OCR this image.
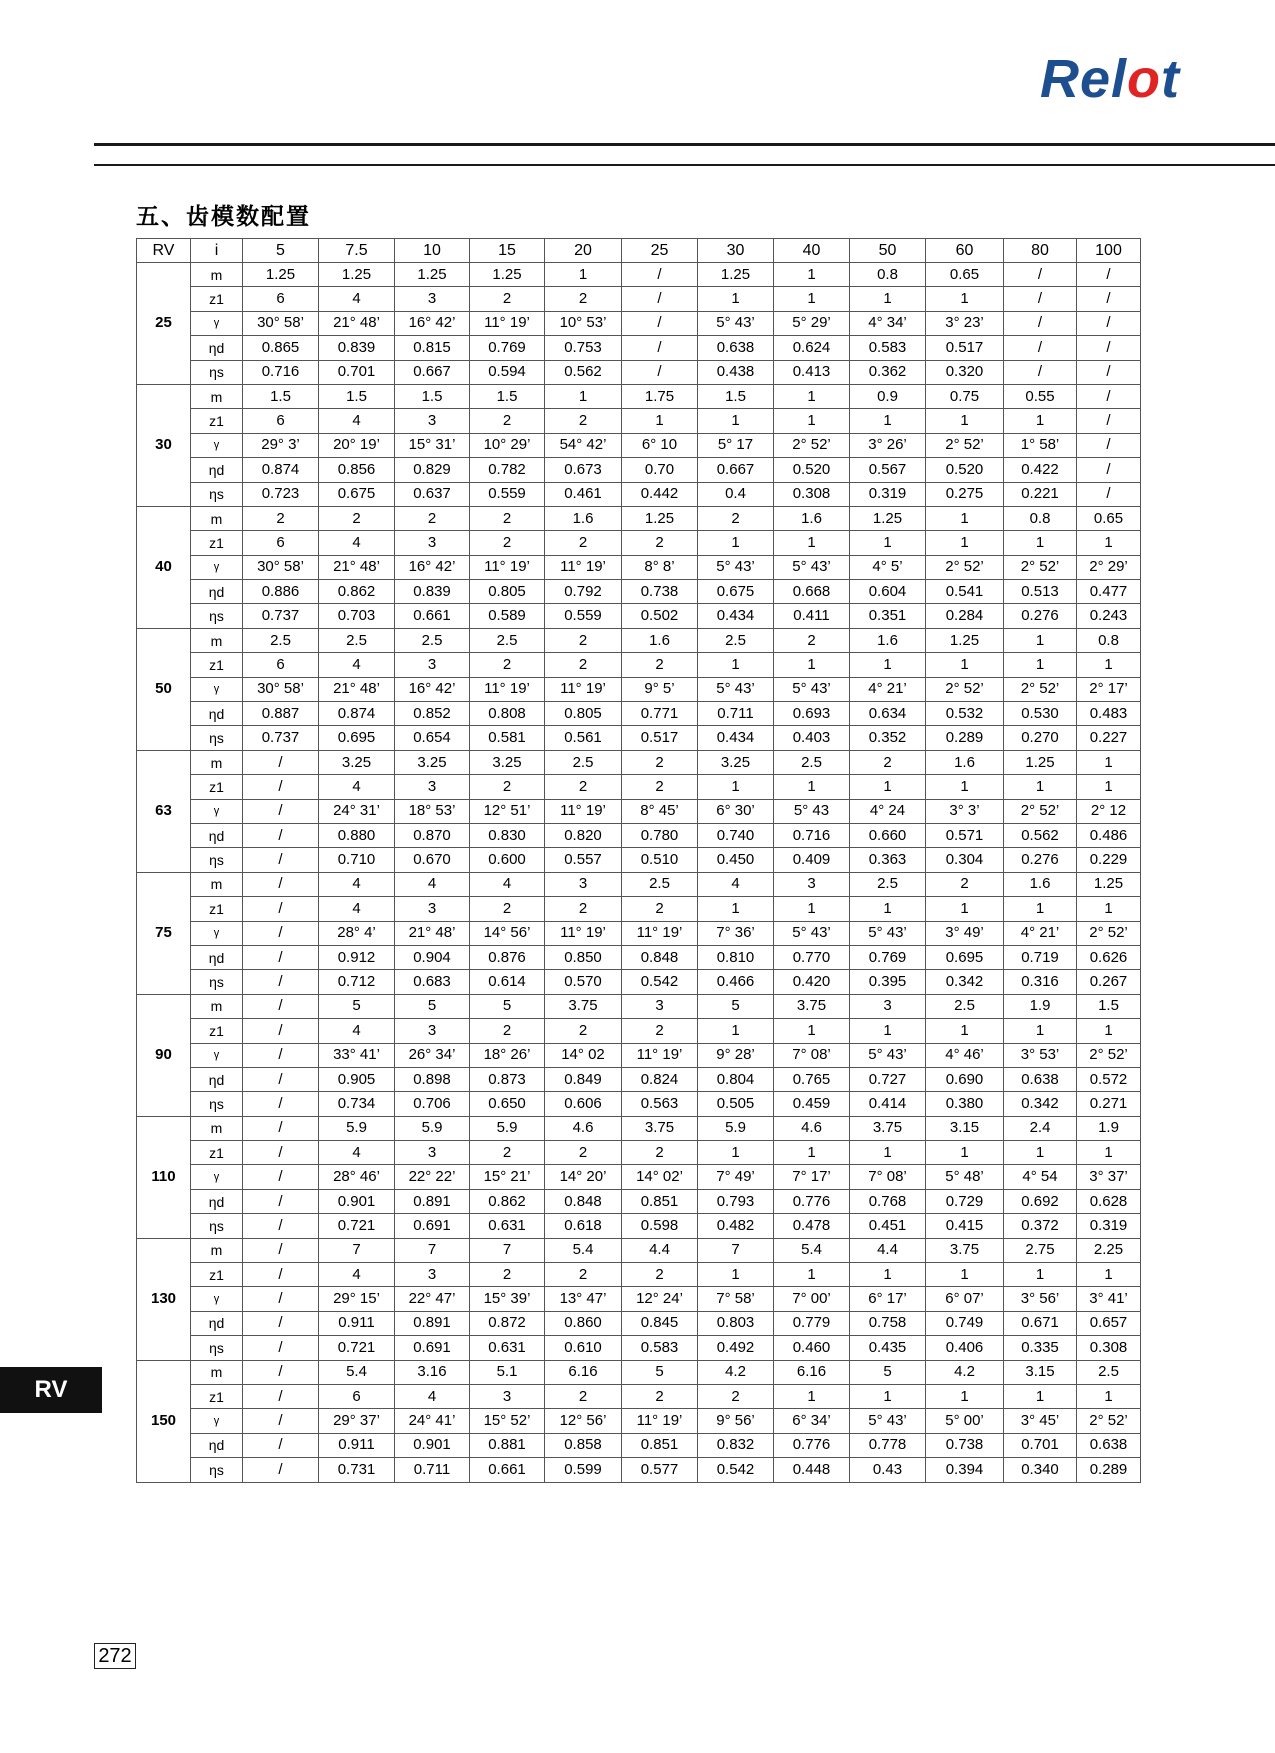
Relot
五、齿模数配置
RV	i	5	7.5	10	15	20	25	30	40	50	60	80	100
25	m	1.25	1.25	1.25	1.25	1	/	1.25	1	0.8	0.65	/	/
	z1	6	4	3	2	2	/	1	1	1	1	/	/
	γ	30° 58’	21° 48’	16° 42’	11° 19’	10° 53’	/	5° 43’	5° 29’	4° 34’	3° 23’	/	/
	ηd	0.865	0.839	0.815	0.769	0.753	/	0.638	0.624	0.583	0.517	/	/
	ηs	0.716	0.701	0.667	0.594	0.562	/	0.438	0.413	0.362	0.320	/	/
30	m	1.5	1.5	1.5	1.5	1	1.75	1.5	1	0.9	0.75	0.55	/
	z1	6	4	3	2	2	1	1	1	1	1	1	/
	γ	29° 3’	20° 19’	15° 31’	10° 29’	54° 42’	6° 10	5° 17	2° 52’	3° 26’	2° 52’	1° 58’	/
	ηd	0.874	0.856	0.829	0.782	0.673	0.70	0.667	0.520	0.567	0.520	0.422	/
	ηs	0.723	0.675	0.637	0.559	0.461	0.442	0.4	0.308	0.319	0.275	0.221	/
40	m	2	2	2	2	1.6	1.25	2	1.6	1.25	1	0.8	0.65
	z1	6	4	3	2	2	2	1	1	1	1	1	1
	γ	30° 58’	21° 48’	16° 42’	11° 19’	11° 19’	8° 8’	5° 43’	5° 43’	4° 5’	2° 52’	2° 52’	2° 29’
	ηd	0.886	0.862	0.839	0.805	0.792	0.738	0.675	0.668	0.604	0.541	0.513	0.477
	ηs	0.737	0.703	0.661	0.589	0.559	0.502	0.434	0.411	0.351	0.284	0.276	0.243
50	m	2.5	2.5	2.5	2.5	2	1.6	2.5	2	1.6	1.25	1	0.8
	z1	6	4	3	2	2	2	1	1	1	1	1	1
	γ	30° 58’	21° 48’	16° 42’	11° 19’	11° 19’	9° 5’	5° 43’	5° 43’	4° 21’	2° 52’	2° 52’	2° 17’
	ηd	0.887	0.874	0.852	0.808	0.805	0.771	0.711	0.693	0.634	0.532	0.530	0.483
	ηs	0.737	0.695	0.654	0.581	0.561	0.517	0.434	0.403	0.352	0.289	0.270	0.227
63	m	/	3.25	3.25	3.25	2.5	2	3.25	2.5	2	1.6	1.25	1
	z1	/	4	3	2	2	2	1	1	1	1	1	1
	γ	/	24° 31’	18° 53’	12° 51’	11° 19’	8° 45’	6° 30’	5° 43	4° 24	3° 3’	2° 52’	2° 12
	ηd	/	0.880	0.870	0.830	0.820	0.780	0.740	0.716	0.660	0.571	0.562	0.486
	ηs	/	0.710	0.670	0.600	0.557	0.510	0.450	0.409	0.363	0.304	0.276	0.229
75	m	/	4	4	4	3	2.5	4	3	2.5	2	1.6	1.25
	z1	/	4	3	2	2	2	1	1	1	1	1	1
	γ	/	28° 4’	21° 48’	14° 56’	11° 19’	11° 19’	7° 36’	5° 43’	5° 43’	3° 49’	4° 21’	2° 52’
	ηd	/	0.912	0.904	0.876	0.850	0.848	0.810	0.770	0.769	0.695	0.719	0.626
	ηs	/	0.712	0.683	0.614	0.570	0.542	0.466	0.420	0.395	0.342	0.316	0.267
90	m	/	5	5	5	3.75	3	5	3.75	3	2.5	1.9	1.5
	z1	/	4	3	2	2	2	1	1	1	1	1	1
	γ	/	33° 41’	26° 34’	18° 26’	14° 02	11° 19’	9° 28’	7° 08’	5° 43’	4° 46’	3° 53’	2° 52’
	ηd	/	0.905	0.898	0.873	0.849	0.824	0.804	0.765	0.727	0.690	0.638	0.572
	ηs	/	0.734	0.706	0.650	0.606	0.563	0.505	0.459	0.414	0.380	0.342	0.271
110	m	/	5.9	5.9	5.9	4.6	3.75	5.9	4.6	3.75	3.15	2.4	1.9
	z1	/	4	3	2	2	2	1	1	1	1	1	1
	γ	/	28° 46’	22° 22’	15° 21’	14° 20’	14° 02’	7° 49’	7° 17’	7° 08’	5° 48’	4° 54	3° 37’
	ηd	/	0.901	0.891	0.862	0.848	0.851	0.793	0.776	0.768	0.729	0.692	0.628
	ηs	/	0.721	0.691	0.631	0.618	0.598	0.482	0.478	0.451	0.415	0.372	0.319
130	m	/	7	7	7	5.4	4.4	7	5.4	4.4	3.75	2.75	2.25
	z1	/	4	3	2	2	2	1	1	1	1	1	1
	γ	/	29° 15’	22° 47’	15° 39’	13° 47’	12° 24’	7° 58’	7° 00’	6° 17’	6° 07’	3° 56’	3° 41’
	ηd	/	0.911	0.891	0.872	0.860	0.845	0.803	0.779	0.758	0.749	0.671	0.657
	ηs	/	0.721	0.691	0.631	0.610	0.583	0.492	0.460	0.435	0.406	0.335	0.308
150	m	/	5.4	3.16	5.1	6.16	5	4.2	6.16	5	4.2	3.15	2.5
	z1	/	6	4	3	2	2	2	1	1	1	1	1
	γ	/	29° 37’	24° 41’	15° 52’	12° 56’	11° 19’	9° 56’	6° 34’	5° 43’	5° 00’	3° 45’	2° 52’
	ηd	/	0.911	0.901	0.881	0.858	0.851	0.832	0.776	0.778	0.738	0.701	0.638
	ηs	/	0.731	0.711	0.661	0.599	0.577	0.542	0.448	0.43	0.394	0.340	0.289
RV
272
